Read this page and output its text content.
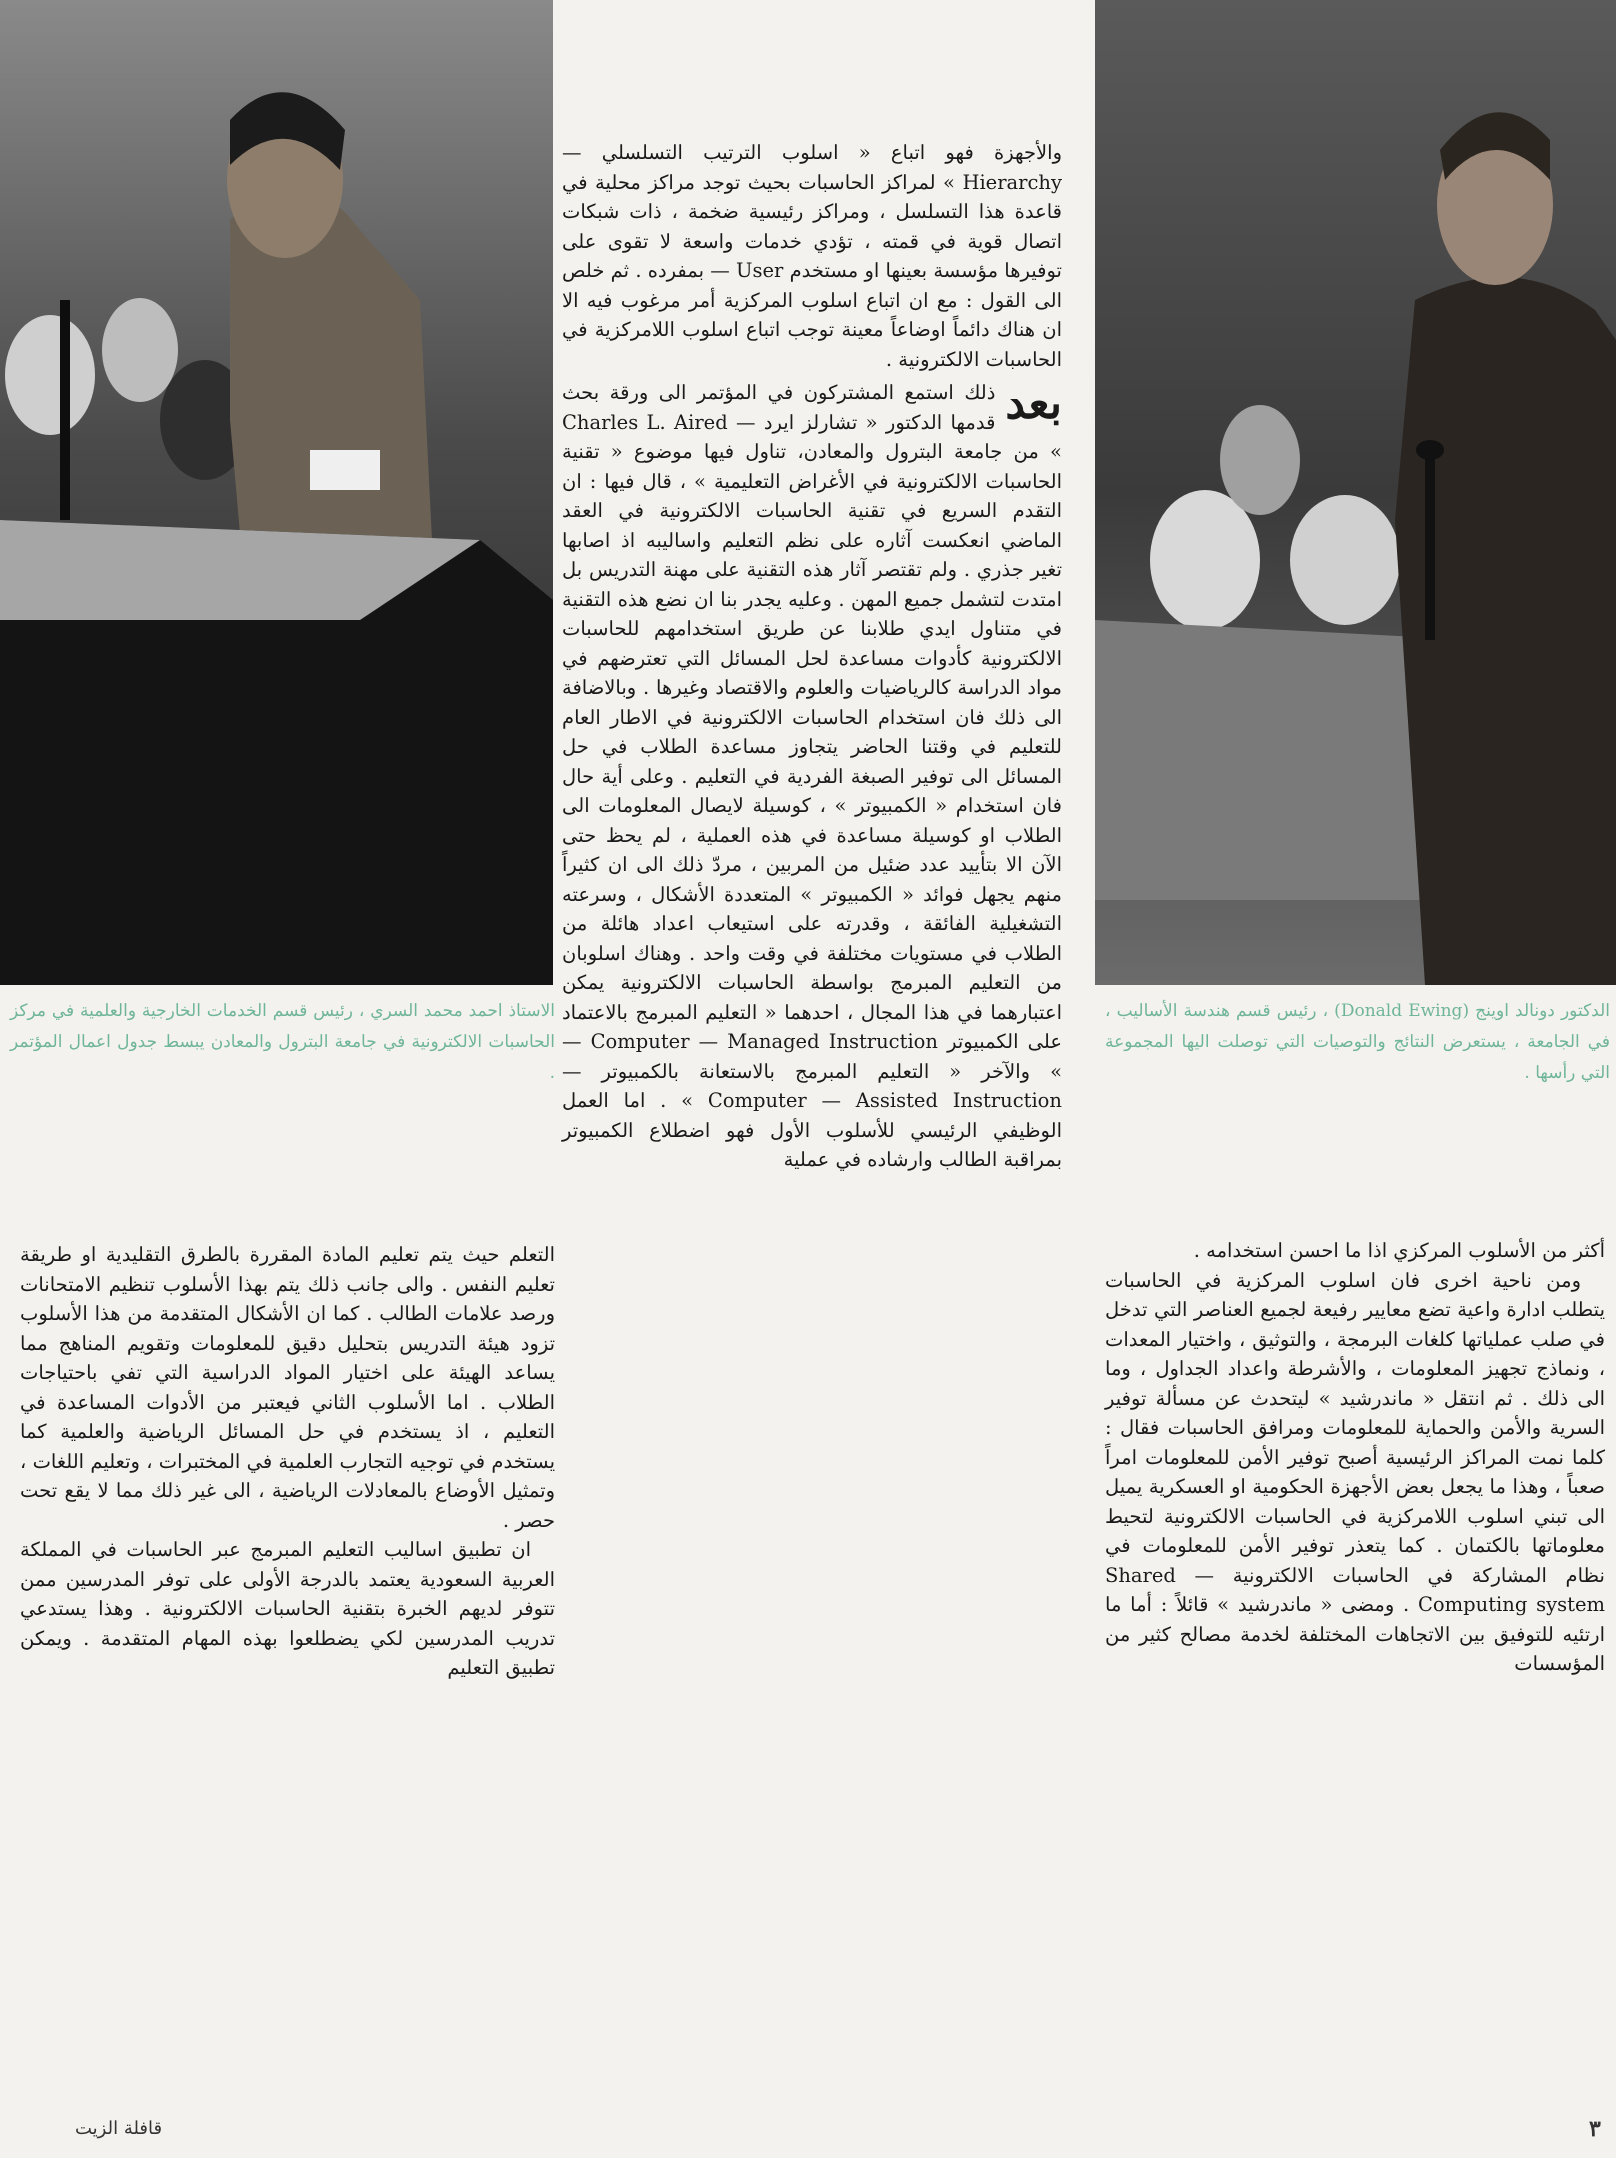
الاستاذ احمد محمد السري ، رئيس قسم الخدمات الخارجية والعلمية في مركز الحاسبات الالكترونية في جامعة البترول والمعادن يبسط جدول اعمال المؤتمر .
الدكتور دونالد اوينج (Donald Ewing) ، رئيس قسم هندسة الأساليب ، في الجامعة ، يستعرض النتائج والتوصيات التي توصلت اليها المجموعة التي رأسها .

والأجهزة فهو اتباع « اسلوب الترتيب التسلسلي — Hierarchy » لمراكز الحاسبات بحيث توجد مراكز محلية في قاعدة هذا التسلسل ، ومراكز رئيسية ضخمة ، ذات شبكات اتصال قوية في قمته ، تؤدي خدمات واسعة لا تقوى على توفيرها مؤسسة بعينها او مستخدم User — بمفرده . ثم خلص الى القول : مع ان اتباع اسلوب المركزية أمر مرغوب فيه الا ان هناك دائماً اوضاعاً معينة توجب اتباع اسلوب اللامركزية في الحاسبات الالكترونية .

بعد
ذلك استمع المشتركون في المؤتمر الى ورقة بحث قدمها الدكتور « تشارلز ايرد — Charles L. Aired » من جامعة البترول والمعادن، تناول فيها موضوع « تقنية الحاسبات الالكترونية في الأغراض التعليمية » ، قال فيها : ان التقدم السريع في تقنية الحاسبات الالكترونية في العقد الماضي انعكست آثاره على نظم التعليم واساليبه اذ اصابها تغير جذري . ولم تقتصر آثار هذه التقنية على مهنة التدريس بل امتدت لتشمل جميع المهن . وعليه يجدر بنا ان نضع هذه التقنية في متناول ايدي طلابنا عن طريق استخدامهم للحاسبات الالكترونية كأدوات مساعدة لحل المسائل التي تعترضهم في مواد الدراسة كالرياضيات والعلوم والاقتصاد وغيرها . وبالاضافة الى ذلك فان استخدام الحاسبات الالكترونية في الاطار العام للتعليم في وقتنا الحاضر يتجاوز مساعدة الطلاب في حل المسائل الى توفير الصبغة الفردية في التعليم . وعلى أية حال فان استخدام « الكمبيوتر » ، كوسيلة لايصال المعلومات الى الطلاب او كوسيلة مساعدة في هذه العملية ، لم يحظ حتى الآن الا بتأييد عدد ضئيل من المربين ، مردّ ذلك الى ان كثيراً منهم يجهل فوائد « الكمبيوتر » المتعددة الأشكال ، وسرعته التشغيلية الفائقة ، وقدرته على استيعاب اعداد هائلة من الطلاب في مستويات مختلفة في وقت واحد . وهناك اسلوبان من التعليم المبرمج بواسطة الحاسبات الالكترونية يمكن اعتبارهما في هذا المجال ، احدهما « التعليم المبرمج بالاعتماد على الكمبيوتر Computer — Managed Instruction — » والآخر « التعليم المبرمج بالاستعانة بالكمبيوتر — Computer — Assisted Instruction » . اما العمل الوظيفي الرئيسي للأسلوب الأول فهو اضطلاع الكمبيوتر بمراقبة الطالب وارشاده في عملية

التعلم حيث يتم تعليم المادة المقررة بالطرق التقليدية او طريقة تعليم النفس . والى جانب ذلك يتم بهذا الأسلوب تنظيم الامتحانات ورصد علامات الطالب . كما ان الأشكال المتقدمة من هذا الأسلوب تزود هيئة التدريس بتحليل دقيق للمعلومات وتقويم المناهج مما يساعد الهيئة على اختيار المواد الدراسية التي تفي باحتياجات الطلاب . اما الأسلوب الثاني فيعتبر من الأدوات المساعدة في التعليم ، اذ يستخدم في حل المسائل الرياضية والعلمية كما يستخدم في توجيه التجارب العلمية في المختبرات ، وتعليم اللغات ، وتمثيل الأوضاع بالمعادلات الرياضية ، الى غير ذلك مما لا يقع تحت حصر .

ان تطبيق اساليب التعليم المبرمج عبر الحاسبات في المملكة العربية السعودية يعتمد بالدرجة الأولى على توفر المدرسين ممن تتوفر لديهم الخبرة بتقنية الحاسبات الالكترونية . وهذا يستدعي تدريب المدرسين لكي يضطلعوا بهذه المهام المتقدمة . ويمكن تطبيق التعليم

أكثر من الأسلوب المركزي اذا ما احسن استخدامه .

ومن ناحية اخرى فان اسلوب المركزية في الحاسبات يتطلب ادارة واعية تضع معايير رفيعة لجميع العناصر التي تدخل في صلب عملياتها كلغات البرمجة ، والتوثيق ، واختيار المعدات ، ونماذج تجهيز المعلومات ، والأشرطة واعداد الجداول ، وما الى ذلك . ثم انتقل « ماندرشيد » ليتحدث عن مسألة توفير السرية والأمن والحماية للمعلومات ومرافق الحاسبات فقال : كلما نمت المراكز الرئيسية أصبح توفير الأمن للمعلومات امراً صعباً ، وهذا ما يجعل بعض الأجهزة الحكومية او العسكرية يميل الى تبني اسلوب اللامركزية في الحاسبات الالكترونية لتحيط معلوماتها بالكتمان . كما يتعذر توفير الأمن للمعلومات في نظام المشاركة في الحاسبات الالكترونية — Shared Computing system . ومضى « ماندرشيد » قائلاً : أما ما ارتئيه للتوفيق بين الاتجاهات المختلفة لخدمة مصالح كثير من المؤسسات

قافلة الزيت	٣
